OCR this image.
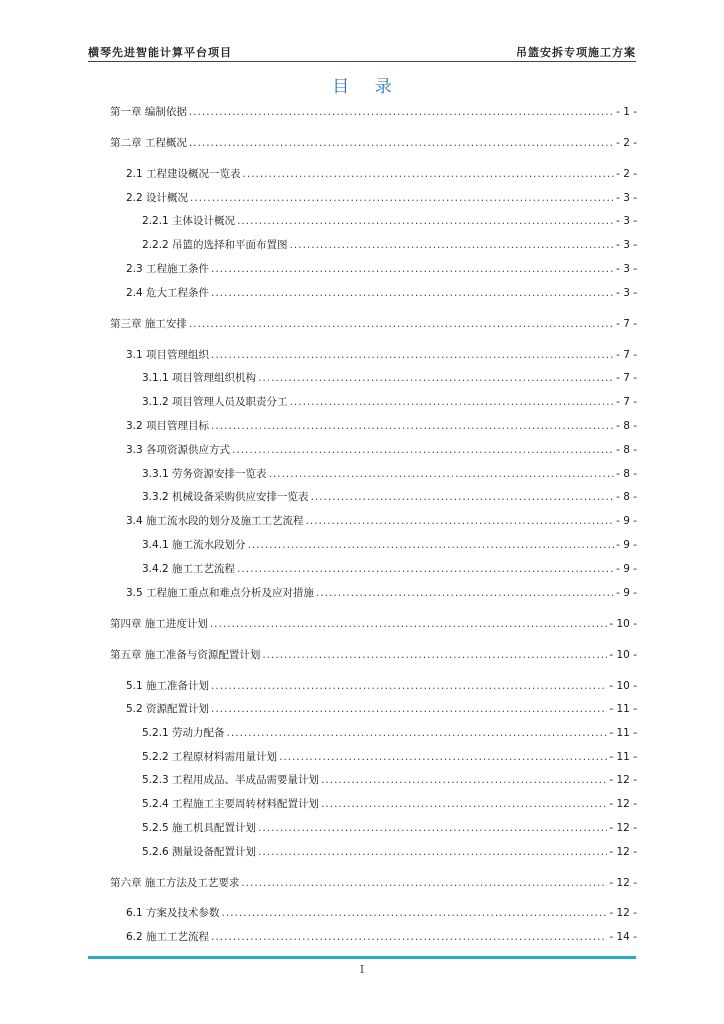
横琴先进智能计算平台项目	吊篮安拆专项施工方案
目 录
第一章 编制依据 .....	- 1 -
第二章 工程概况 .....	- 2 -
2.1 工程建设概况一览表 .....	- 2 -
2.2 设计概况 .....	- 3 -
2.2.1 主体设计概况 .....	- 3 -
2.2.2 吊篮的选择和平面布置图 .....	- 3 -
2.3 工程施工条件 .....	- 3 -
2.4 危大工程条件 .....	- 3 -
第三章 施工安排 .....	- 7 -
3.1 项目管理组织 .....	- 7 -
3.1.1 项目管理组织机构 .....	- 7 -
3.1.2 项目管理人员及职责分工 .....	- 7 -
3.2 项目管理目标 .....	- 8 -
3.3 各项资源供应方式 .....	- 8 -
3.3.1 劳务资源安排一览表 .....	- 8 -
3.3.2 机械设备采购供应安排一览表 .....	- 8 -
3.4 施工流水段的划分及施工工艺流程 .....	- 9 -
3.4.1 施工流水段划分 .....	- 9 -
3.4.2 施工工艺流程 .....	- 9 -
3.5 工程施工重点和难点分析及应对措施 .....	- 9 -
第四章 施工进度计划 .....	- 10 -
第五章 施工准备与资源配置计划 .....	- 10 -
5.1 施工准备计划 .....	- 10 -
5.2 资源配置计划 .....	- 11 -
5.2.1 劳动力配备 .....	- 11 -
5.2.2 工程原材料需用量计划 .....	- 11 -
5.2.3 工程用成品、半成品需要量计划 .....	- 12 -
5.2.4 工程施工主要周转材料配置计划 .....	- 12 -
5.2.5 施工机具配置计划 .....	- 12 -
5.2.6 测量设备配置计划 .....	- 12 -
第六章 施工方法及工艺要求 .....	- 12 -
6.1 方案及技术参数 .....	- 12 -
6.2 施工工艺流程 .....	- 14 -
I
